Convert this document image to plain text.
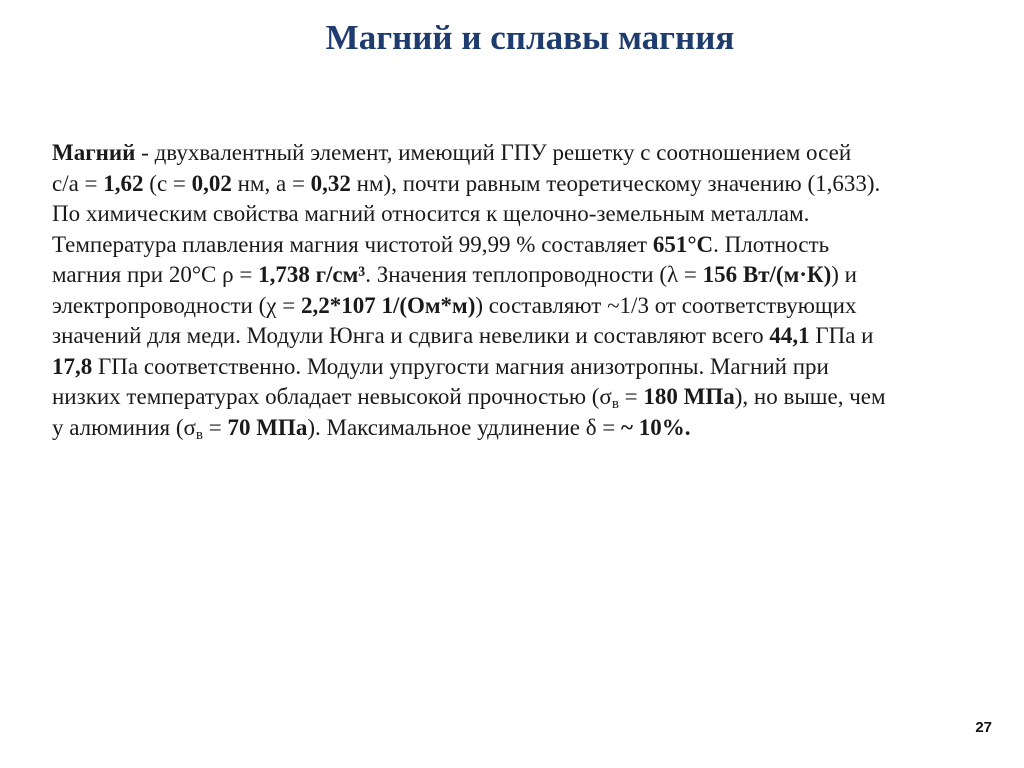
Магний и сплавы магния
Магний - двухвалентный элемент, имеющий ГПУ решетку с соотношением осей
с/а = 1,62 (с = 0,02 нм, а = 0,32 нм), почти равным теоретическому значению (1,633).
По химическим свойства магний относится к щелочно-земельным металлам.
Температура плавления магния чистотой 99,99 % составляет 651°С. Плотность
магния при 20°С ρ = 1,738 г/см³. Значения теплопроводности (λ = 156 Вт/(м·К)) и
электропроводности (χ = 2,2*107 1/(Ом*м)) составляют ~1/3 от соответствующих
значений для меди. Модули Юнга и сдвига невелики и составляют всего 44,1 ГПа и
17,8 ГПа соответственно. Модули упругости магния анизотропны. Магний при
низких температурах обладает невысокой прочностью ($\sigma_в = 180$ МПа), но выше, чем
у алюминия ($\sigma_в = 70$ МПа). Максимальное удлинение δ = ~ 10%.
27
